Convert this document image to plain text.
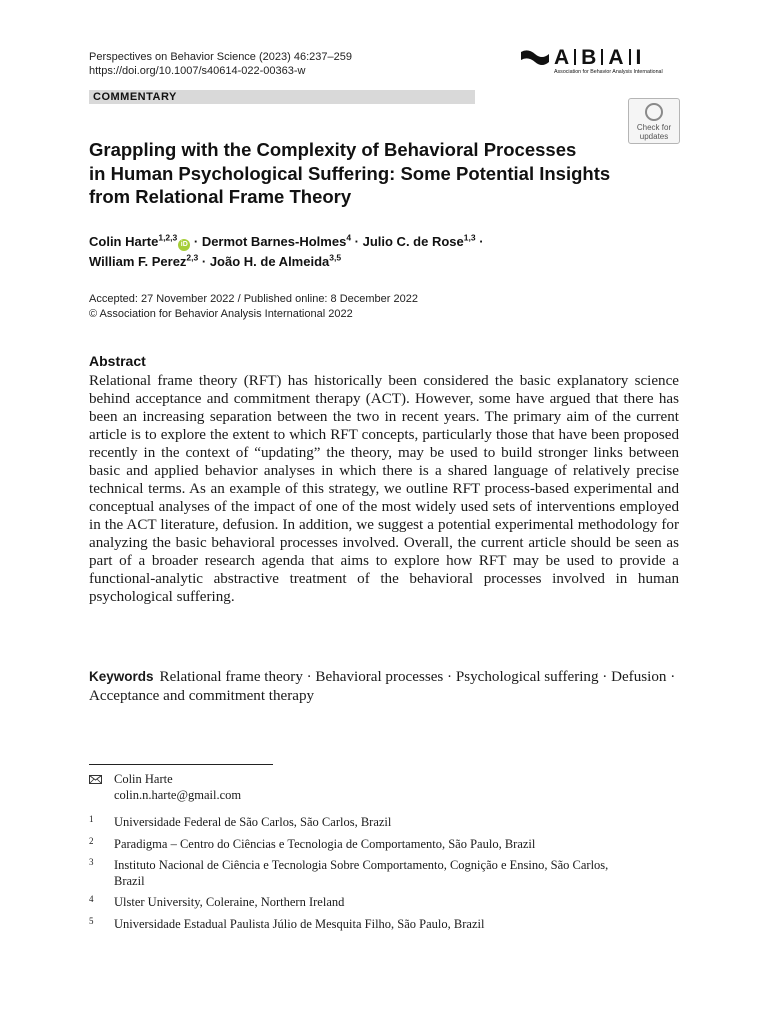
Perspectives on Behavior Science (2023) 46:237–259
https://doi.org/10.1007/s40614-022-00363-w
A B A I
Association for Behavior Analysis International
COMMENTARY
Check for
updates
Grappling with the Complexity of Behavioral Processes
in Human Psychological Suffering: Some Potential Insights
from Relational Frame Theory
Colin Harte$^{1,2,3}$iD · Dermot Barnes-Holmes$^4$ · Julio C. de Rose$^{1,3}$ ·
William F. Perez$^{2,3}$ · João H. de Almeida$^{3,5}$
Accepted: 27 November 2022 / Published online: 8 December 2022
© Association for Behavior Analysis International 2022
Abstract
Relational frame theory (RFT) has historically been considered the basic explanatory science behind acceptance and commitment therapy (ACT). However, some have argued that there has been an increasing separation between the two in recent years. The primary aim of the current article is to explore the extent to which RFT concepts, particularly those that have been proposed recently in the context of “updating” the theory, may be used to build stronger links between basic and applied behavior analyses in which there is a shared language of relatively precise technical terms. As an example of this strategy, we outline RFT process-based experimental and conceptual analyses of the impact of one of the most widely used sets of interventions employed in the ACT literature, defusion. In addition, we suggest a potential experimental methodology for analyzing the basic behavioral processes involved. Overall, the current article should be seen as part of a broader research agenda that aims to explore how RFT may be used to provide a functional-analytic abstractive treatment of the behavioral processes involved in human psychological suffering.
Keywords Relational frame theory · Behavioral processes · Psychological suffering · Defusion · Acceptance and commitment therapy
Colin Harte
colin.n.harte@gmail.com
1 Universidade Federal de São Carlos, São Carlos, Brazil
2 Paradigma – Centro do Ciências e Tecnologia de Comportamento, São Paulo, Brazil
3 Instituto Nacional de Ciência e Tecnologia Sobre Comportamento, Cognição e Ensino, São Carlos, Brazil
4 Ulster University, Coleraine, Northern Ireland
5 Universidade Estadual Paulista Júlio de Mesquita Filho, São Paulo, Brazil
